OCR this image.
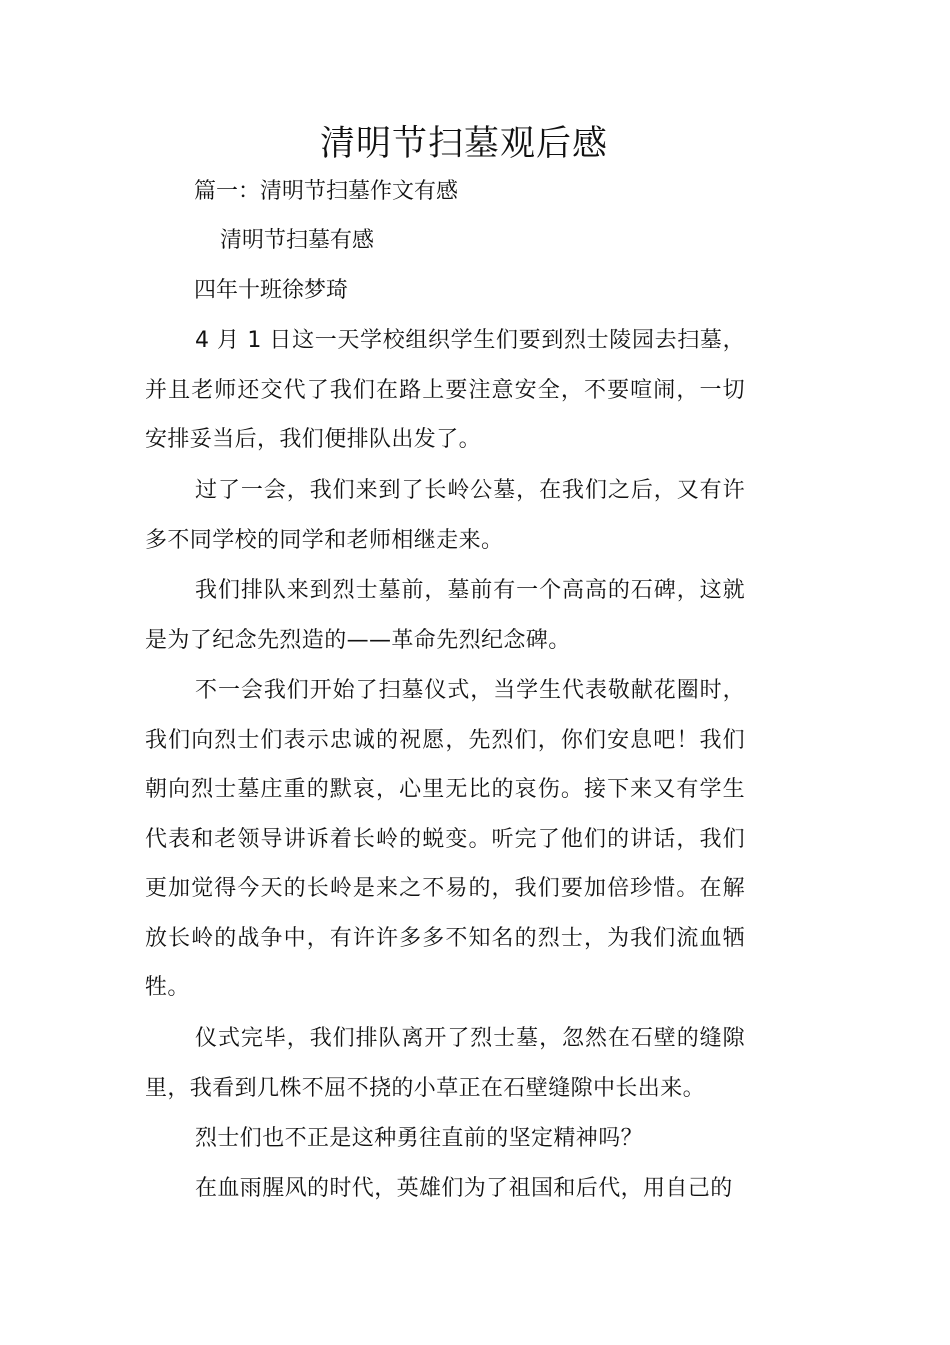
清明节扫墓观后感

篇一：清明节扫墓作文有感

清明节扫墓有感

四年十班徐梦琦

4 月 1 日这一天学校组织学生们要到烈士陵园去扫墓，并且老师还交代了我们在路上要注意安全，不要喧闹，一切安排妥当后，我们便排队出发了。

过了一会，我们来到了长岭公墓，在我们之后，又有许多不同学校的同学和老师相继走来。

我们排队来到烈士墓前，墓前有一个高高的石碑，这就是为了纪念先烈造的——革命先烈纪念碑。

不一会我们开始了扫墓仪式，当学生代表敬献花圈时，我们向烈士们表示忠诚的祝愿，先烈们，你们安息吧！我们朝向烈士墓庄重的默哀，心里无比的哀伤。接下来又有学生代表和老领导讲诉着长岭的蜕变。听完了他们的讲话，我们更加觉得今天的长岭是来之不易的，我们要加倍珍惜。在解放长岭的战争中，有许许多多不知名的烈士，为我们流血牺牲。

仪式完毕，我们排队离开了烈士墓，忽然在石壁的缝隙里，我看到几株不屈不挠的小草正在石壁缝隙中长出来。

烈士们也不正是这种勇往直前的坚定精神吗？

在血雨腥风的时代，英雄们为了祖国和后代，用自己的
